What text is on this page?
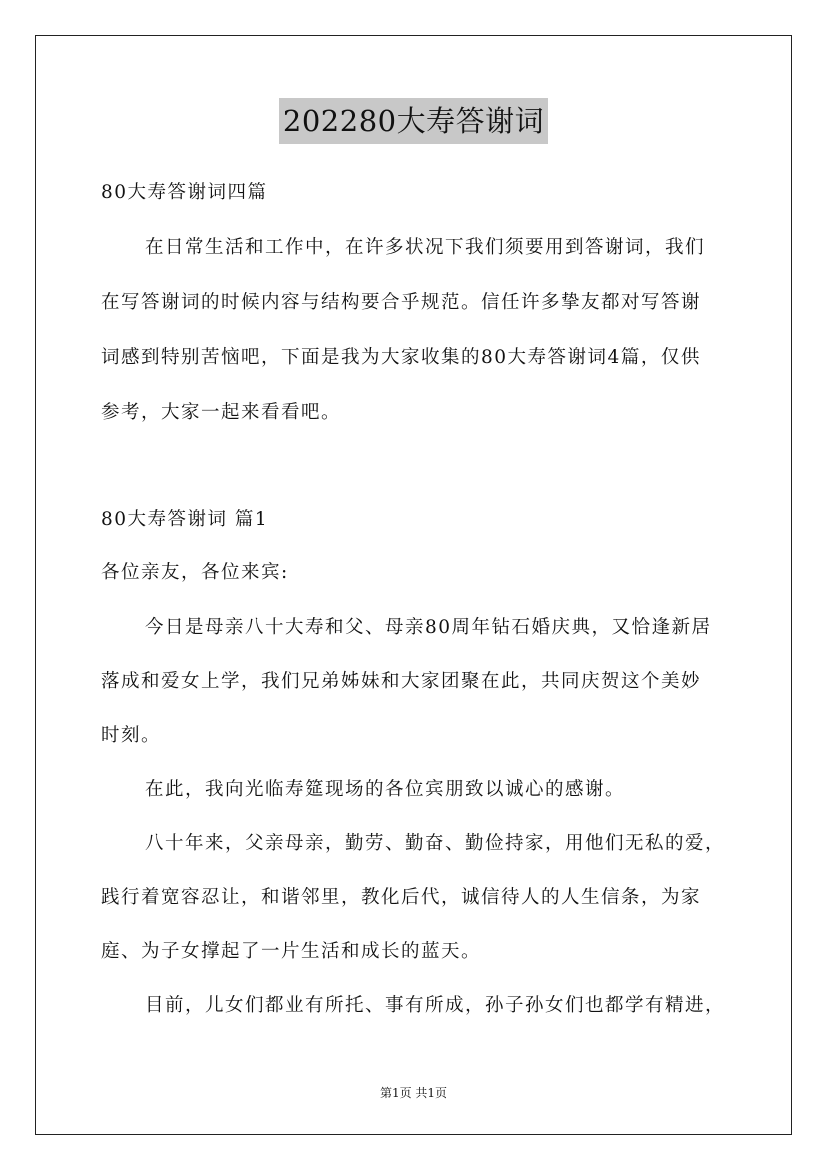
202280大寿答谢词
80大寿答谢词四篇
在日常生活和工作中，在许多状况下我们须要用到答谢词，我们
在写答谢词的时候内容与结构要合乎规范。信任许多挚友都对写答谢
词感到特别苦恼吧，下面是我为大家收集的80大寿答谢词4篇，仅供
参考，大家一起来看看吧。
80大寿答谢词 篇1
各位亲友，各位来宾:
今日是母亲八十大寿和父、母亲80周年钻石婚庆典，又恰逢新居
落成和爱女上学，我们兄弟姊妹和大家团聚在此，共同庆贺这个美妙
时刻。
在此，我向光临寿筵现场的各位宾朋致以诚心的感谢。
八十年来，父亲母亲，勤劳、勤奋、勤俭持家，用他们无私的爱，
践行着宽容忍让，和谐邻里，教化后代，诚信待人的人生信条，为家
庭、为子女撑起了一片生活和成长的蓝天。
目前，儿女们都业有所托、事有所成，孙子孙女们也都学有精进，
第1页 共1页
